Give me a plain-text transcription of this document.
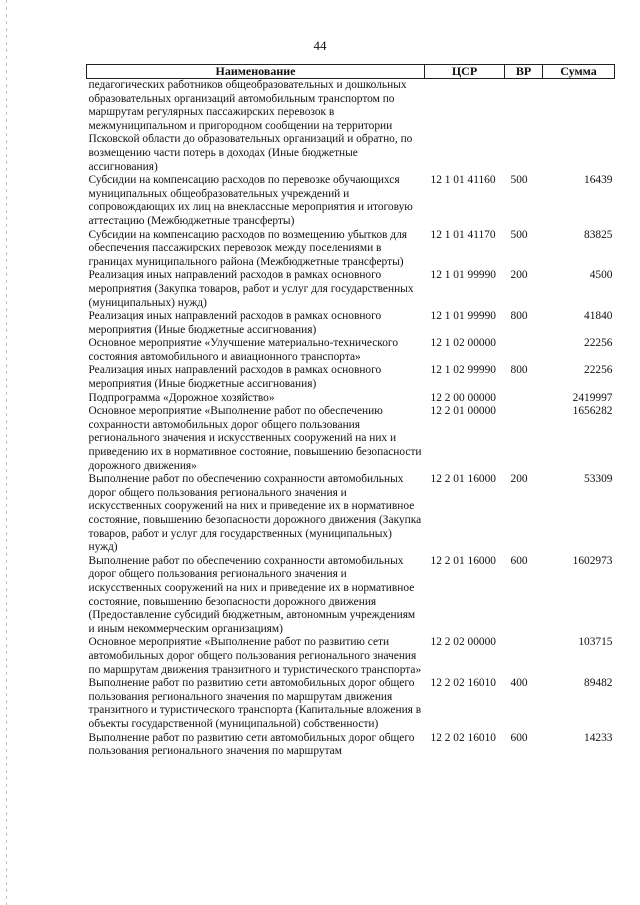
44
Наименование	ЦСР	ВР	Сумма
педагогических работников общеобразовательных и дошкольных образовательных организаций автомобильным транспортом по маршрутам регулярных пассажирских перевозок в межмуниципальном и пригородном сообщении на территории Псковской области до образовательных организаций и обратно, по возмещению части потерь в доходах (Иные бюджетные ассигнования)			
Субсидии на компенсацию расходов по перевозке обучающихся муниципальных общеобразовательных учреждений и сопровождающих их лиц на внеклассные мероприятия и итоговую аттестацию (Межбюджетные трансферты)	12 1 01 41160	500	16439
Субсидии на компенсацию расходов по возмещению убытков для обеспечения пассажирских перевозок между поселениями в границах муниципального района (Межбюджетные трансферты)	12 1 01 41170	500	83825
Реализация иных направлений расходов в рамках основного мероприятия (Закупка товаров, работ и услуг для государственных (муниципальных) нужд)	12 1 01 99990	200	4500
Реализация иных направлений расходов в рамках основного мероприятия (Иные бюджетные ассигнования)	12 1 01 99990	800	41840
Основное мероприятие «Улучшение материально-технического состояния автомобильного и авиационного транспорта»	12 1 02 00000		22256
Реализация иных направлений расходов в рамках основного мероприятия (Иные бюджетные ассигнования)	12 1 02 99990	800	22256
Подпрограмма «Дорожное хозяйство»	12 2 00 00000		2419997
Основное мероприятие «Выполнение работ по обеспечению сохранности автомобильных дорог общего пользования регионального значения и искусственных сооружений на них и приведению их в нормативное состояние, повышению безопасности дорожного движения»	12 2 01 00000		1656282
Выполнение работ по обеспечению сохранности автомобильных дорог общего пользования регионального значения и искусственных сооружений на них и приведение их в нормативное состояние, повышению безопасности дорожного движения (Закупка товаров, работ и услуг для государственных (муниципальных) нужд)	12 2 01 16000	200	53309
Выполнение работ по обеспечению сохранности автомобильных дорог общего пользования регионального значения и искусственных сооружений на них и приведение их в нормативное состояние, повышению безопасности дорожного движения (Предоставление субсидий бюджетным, автономным учреждениям и иным некоммерческим организациям)	12 2 01 16000	600	1602973
Основное мероприятие «Выполнение работ по развитию сети автомобильных дорог общего пользования регионального значения по маршрутам движения транзитного и туристического транспорта»	12 2 02 00000		103715
Выполнение работ по развитию сети автомобильных дорог общего пользования регионального значения по маршрутам движения транзитного и туристического транспорта (Капитальные вложения в объекты государственной (муниципальной) собственности)	12 2 02 16010	400	89482
Выполнение работ по развитию сети автомобильных дорог общего пользования регионального значения по маршрутам	12 2 02 16010	600	14233
